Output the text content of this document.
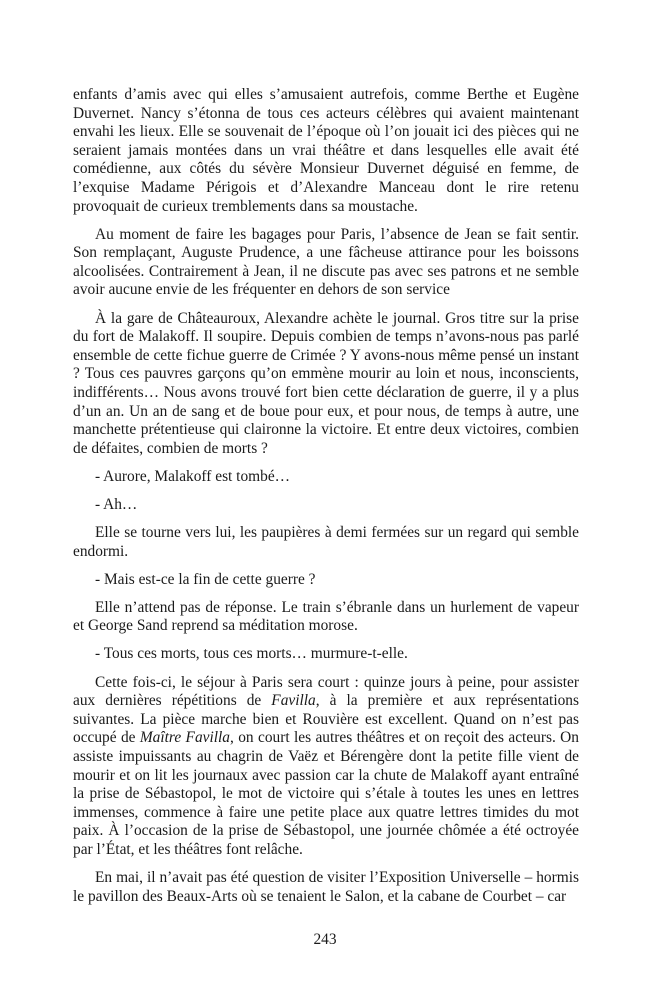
enfants d’amis avec qui elles s’amusaient autrefois, comme Berthe et Eugène Duvernet. Nancy s’étonna de tous ces acteurs célèbres qui avaient maintenant envahi les lieux. Elle se souvenait de l’époque où l’on jouait ici des pièces qui ne seraient jamais montées dans un vrai théâtre et dans lesquelles elle avait été comédienne, aux côtés du sévère Monsieur Duvernet déguisé en femme, de l’exquise Madame Périgois et d’Alexandre Manceau dont le rire retenu provoquait de curieux tremblements dans sa moustache.

Au moment de faire les bagages pour Paris, l’absence de Jean se fait sentir. Son remplaçant, Auguste Prudence, a une fâcheuse attirance pour les boissons alcoolisées. Contrairement à Jean, il ne discute pas avec ses patrons et ne semble avoir aucune envie de les fréquenter en dehors de son service

À la gare de Châteauroux, Alexandre achète le journal. Gros titre sur la prise du fort de Malakoff. Il soupire. Depuis combien de temps n’avons-nous pas parlé ensemble de cette fichue guerre de Crimée ? Y avons-nous même pensé un instant ? Tous ces pauvres garçons qu’on emmène mourir au loin et nous, inconscients, indifférents… Nous avons trouvé fort bien cette déclaration de guerre, il y a plus d’un an. Un an de sang et de boue pour eux, et pour nous, de temps à autre, une manchette prétentieuse qui claironne la victoire. Et entre deux victoires, combien de défaites, combien de morts ?

- Aurore, Malakoff est tombé…

- Ah…

Elle se tourne vers lui, les paupières à demi fermées sur un regard qui semble endormi.

- Mais est-ce la fin de cette guerre ?

Elle n’attend pas de réponse. Le train s’ébranle dans un hurlement de vapeur et George Sand reprend sa méditation morose.

- Tous ces morts, tous ces morts… murmure-t-elle.

Cette fois-ci, le séjour à Paris sera court : quinze jours à peine, pour assister aux dernières répétitions de Favilla, à la première et aux représentations suivantes. La pièce marche bien et Rouvière est excellent. Quand on n’est pas occupé de Maître Favilla, on court les autres théâtres et on reçoit des acteurs. On assiste impuissants au chagrin de Vaëz et Bérengère dont la petite fille vient de mourir et on lit les journaux avec passion car la chute de Malakoff ayant entraîné la prise de Sébastopol, le mot de victoire qui s’étale à toutes les unes en lettres immenses, commence à faire une petite place aux quatre lettres timides du mot paix. À l’occasion de la prise de Sébastopol, une journée chômée a été octroyée par l’État, et les théâtres font relâche.

En mai, il n’avait pas été question de visiter l’Exposition Universelle – hormis le pavillon des Beaux-Arts où se tenaient le Salon, et la cabane de Courbet – car

243
